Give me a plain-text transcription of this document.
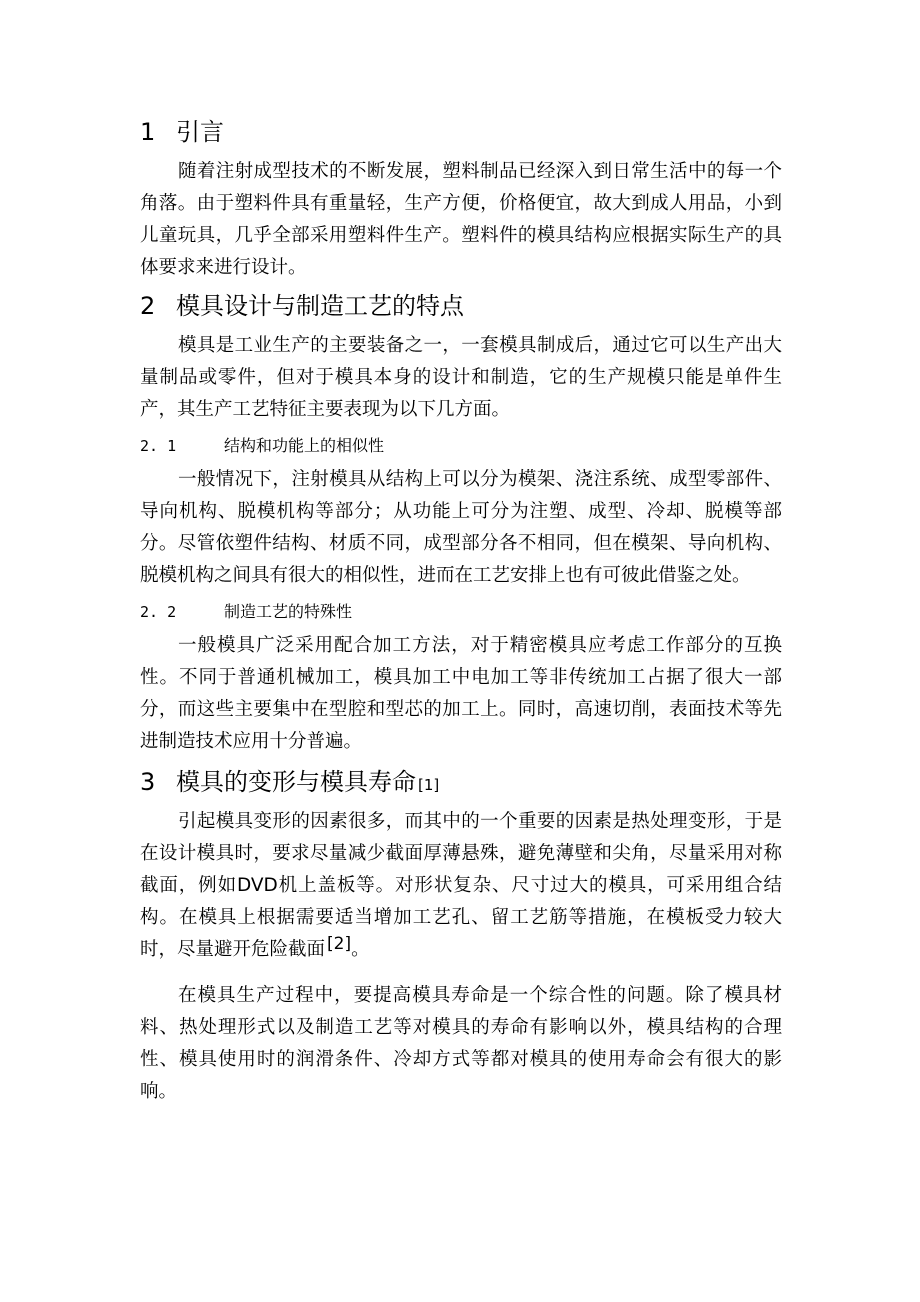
1 引言

随着注射成型技术的不断发展，塑料制品已经深入到日常生活中的每一个角落。由于塑料件具有重量轻，生产方便，价格便宜，故大到成人用品，小到儿童玩具，几乎全部采用塑料件生产。塑料件的模具结构应根据实际生产的具体要求来进行设计。

2 模具设计与制造工艺的特点

模具是工业生产的主要装备之一，一套模具制成后，通过它可以生产出大量制品或零件，但对于模具本身的设计和制造，它的生产规模只能是单件生产，其生产工艺特征主要表现为以下几方面。

2. 1	结构和功能上的相似性

一般情况下，注射模具从结构上可以分为模架、浇注系统、成型零部件、导向机构、脱模机构等部分；从功能上可分为注塑、成型、冷却、脱模等部分。尽管依塑件结构、材质不同，成型部分各不相同，但在模架、导向机构、脱模机构之间具有很大的相似性，进而在工艺安排上也有可彼此借鉴之处。

2. 2	制造工艺的特殊性

一般模具广泛采用配合加工方法，对于精密模具应考虑工作部分的互换性。不同于普通机械加工，模具加工中电加工等非传统加工占据了很大一部分，而这些主要集中在型腔和型芯的加工上。同时，高速切削，表面技术等先进制造技术应用十分普遍。

3 模具的变形与模具寿命 [1]

引起模具变形的因素很多，而其中的一个重要的因素是热处理变形，于是在设计模具时，要求尽量减少截面厚薄悬殊，避免薄壁和尖角，尽量采用对称截面，例如DVD机上盖板等。对形状复杂、尺寸过大的模具，可采用组合结构。在模具上根据需要适当增加工艺孔、留工艺筋等措施，在模板受力较大时，尽量避开危险截面 [2]。

在模具生产过程中，要提高模具寿命是一个综合性的问题。除了模具材料、热处理形式以及制造工艺等对模具的寿命有影响以外，模具结构的合理性、模具使用时的润滑条件、冷却方式等都对模具的使用寿命会有很大的影响。
